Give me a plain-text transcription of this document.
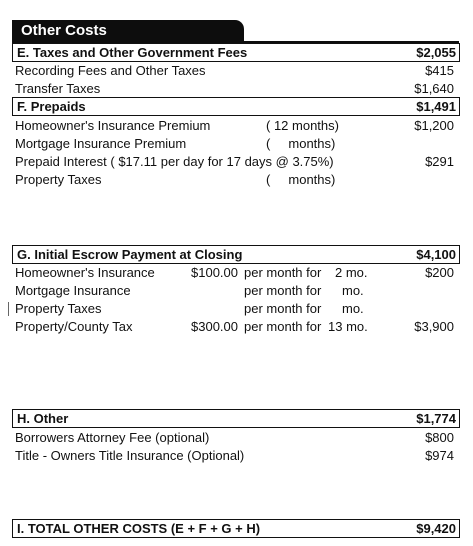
Other Costs
E. Taxes and Other Government Fees	$2,055
Recording Fees and Other Taxes	$415
Transfer Taxes	$1,640
F. Prepaids	$1,491
Homeowner's Insurance Premium	( 12 months)	$1,200
Mortgage Insurance Premium	(     months)
Prepaid Interest ( $17.11 per day for 17 days @ 3.75%)	$291
Property Taxes	(     months)
G. Initial Escrow Payment at Closing	$4,100
Homeowner's Insurance	$100.00 per month for 2 mo.	$200
Mortgage Insurance	per month for mo.
Property Taxes	per month for mo.
Property/County Tax	$300.00 per month for 13 mo.	$3,900
H. Other	$1,774
Borrowers Attorney Fee (optional)	$800
Title - Owners Title Insurance (Optional)	$974
I. TOTAL OTHER COSTS (E + F + G + H)	$9,420
